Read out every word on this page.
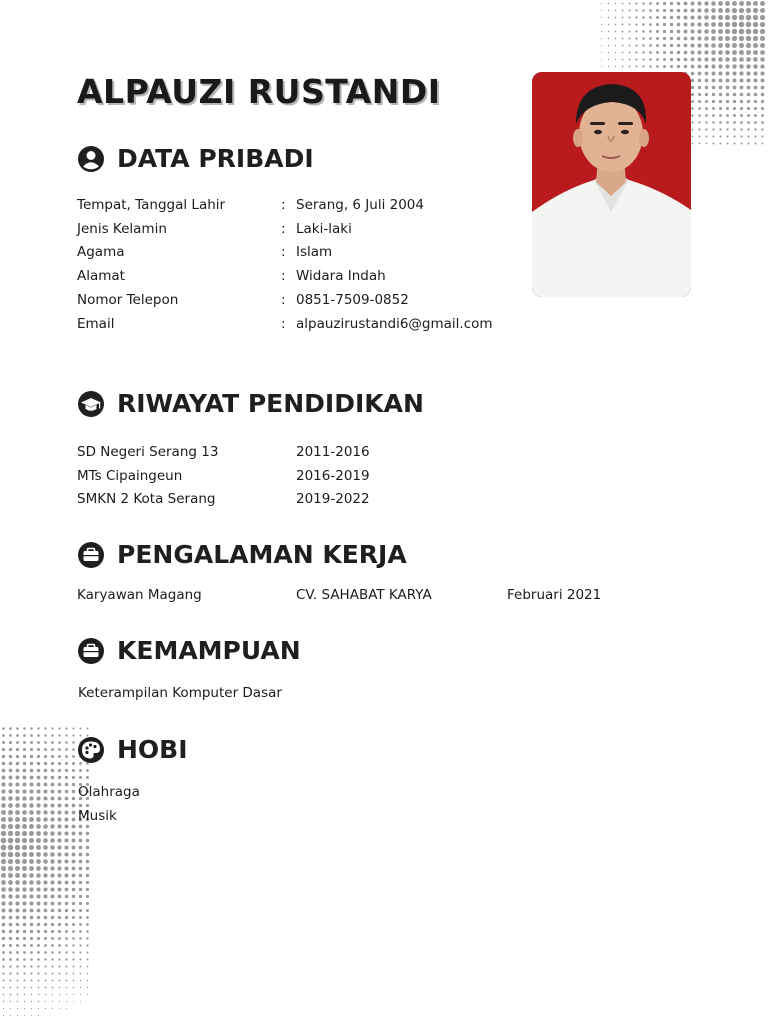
ALPAUZI RUSTANDI
DATA PRIBADI
Tempat, Tanggal Lahir	: Serang, 6 Juli 2004
Jenis Kelamin	: Laki-laki
Agama	: Islam
Alamat	: Widara Indah
Nomor Telepon	: 0851-7509-0852
Email	: alpauzirustandi6@gmail.com
RIWAYAT PENDIDIKAN
SD Negeri Serang 13	2011-2016
MTs Cipaingeun	2016-2019
SMKN 2 Kota Serang	2019-2022
PENGALAMAN KERJA
Karyawan Magang	CV. SAHABAT KARYA	Februari 2021
KEMAMPUAN
Keterampilan Komputer Dasar
HOBI
Olahraga
Musik
